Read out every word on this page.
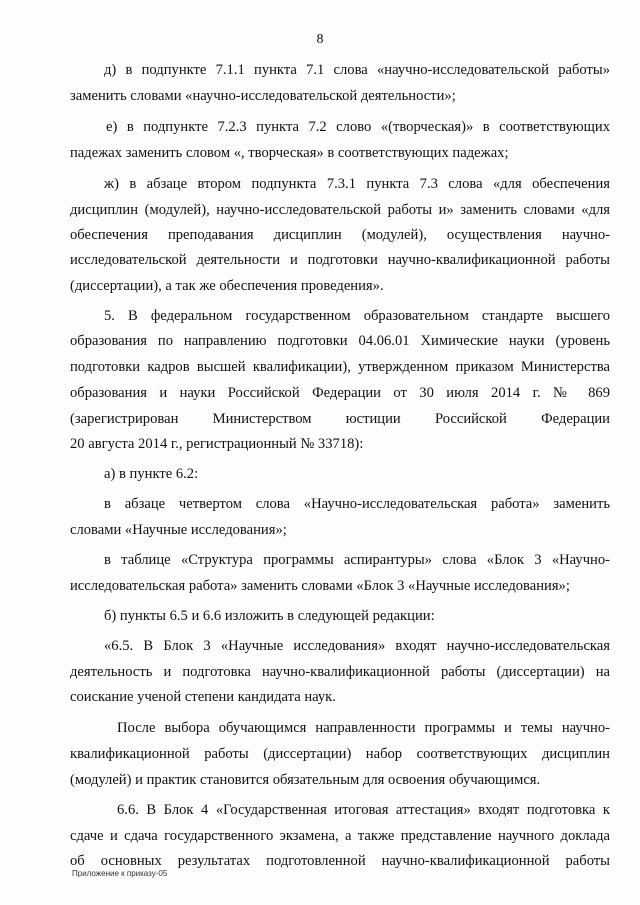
8
д) в подпункте 7.1.1 пункта 7.1 слова «научно-исследовательской работы»
заменить словами «научно-исследовательской деятельности»;
е) в подпункте 7.2.3 пункта 7.2 слово «(творческая)» в соответствующих
падежах заменить словом «, творческая» в соответствующих падежах;
ж) в абзаце втором подпункта 7.3.1 пункта 7.3 слова «для обеспечения
дисциплин (модулей), научно-исследовательской работы и» заменить словами «для
обеспечения преподавания дисциплин (модулей), осуществления научно-
исследовательской деятельности и подготовки научно-квалификационной работы
(диссертации), а так же обеспечения проведения».
5. В федеральном государственном образовательном стандарте высшего
образования по направлению подготовки 04.06.01 Химические науки (уровень
подготовки кадров высшей квалификации), утвержденном приказом Министерства
образования и науки Российской Федерации от 30 июля 2014 г. № 869
(зарегистрирован Министерством юстиции Российской Федерации
20 августа 2014 г., регистрационный № 33718):
а) в пункте 6.2:
в абзаце четвертом слова «Научно-исследовательская работа» заменить
словами «Научные исследования»;
в таблице «Структура программы аспирантуры» слова «Блок 3 «Научно-
исследовательская работа» заменить словами «Блок 3 «Научные исследования»;
б) пункты 6.5 и 6.6 изложить в следующей редакции:
«6.5. В Блок 3 «Научные исследования» входят научно-исследовательская
деятельность и подготовка научно-квалификационной работы (диссертации) на
соискание ученой степени кандидата наук.
После выбора обучающимся направленности программы и темы научно-
квалификационной работы (диссертации) набор соответствующих дисциплин
(модулей) и практик становится обязательным для освоения обучающимся.
6.6. В Блок 4 «Государственная итоговая аттестация» входят подготовка к
сдаче и сдача государственного экзамена, а также представление научного доклада
об основных результатах подготовленной научно-квалификационной работы
Приложение к приказу-05
